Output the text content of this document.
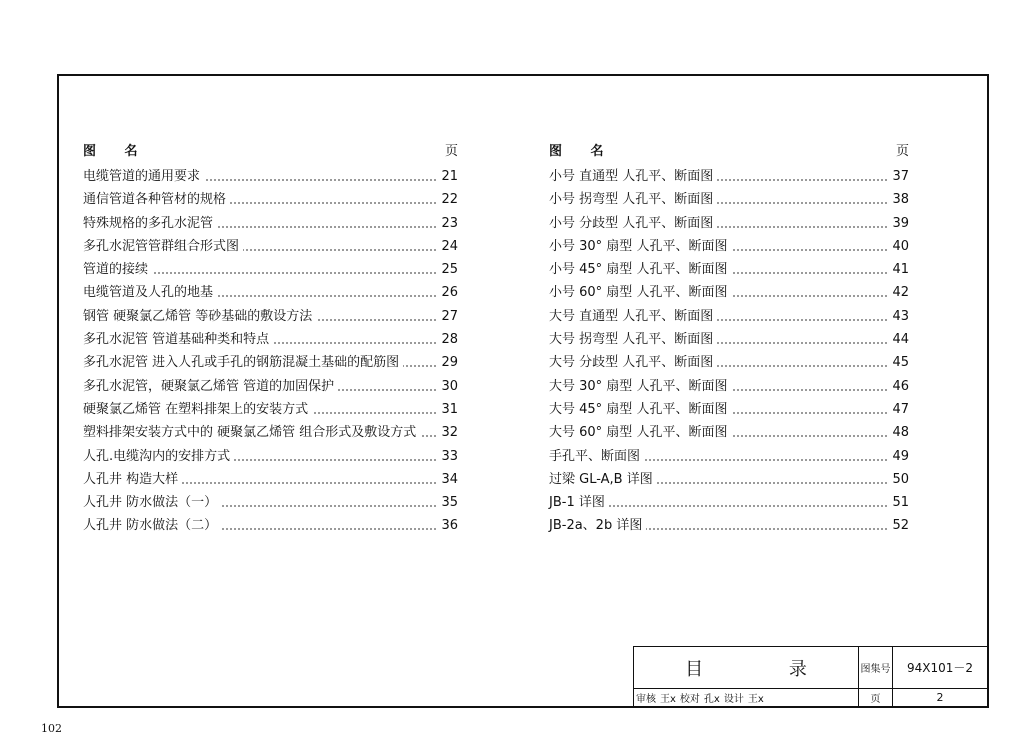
图 名	页
电缆管道的通用要求	21
通信管道各种管材的规格	22
特殊规格的多孔水泥管	23
多孔水泥管管群组合形式图	24
管道的接续	25
电缆管道及人孔的地基	26
钢管 硬聚氯乙烯管 等砂基础的敷设方法	27
多孔水泥管 管道基础种类和特点	28
多孔水泥管 进入人孔或手孔的钢筋混凝土基础的配筋图	29
多孔水泥管，硬聚氯乙烯管 管道的加固保护	30
硬聚氯乙烯管 在塑料排架上的安装方式	31
塑料排架安装方式中的 硬聚氯乙烯管 组合形式及敷设方式	32
人孔.电缆沟内的安排方式	33
人孔井 构造大样	34
人孔井 防水做法（一）	35
人孔井 防水做法（二）	36
图 名	页
小号 直通型 人孔平、断面图	37
小号 拐弯型 人孔平、断面图	38
小号 分歧型 人孔平、断面图	39
小号 30° 扇型 人孔平、断面图	40
小号 45° 扇型 人孔平、断面图	41
小号 60° 扇型 人孔平、断面图	42
大号 直通型 人孔平、断面图	43
大号 拐弯型 人孔平、断面图	44
大号 分歧型 人孔平、断面图	45
大号 30° 扇型 人孔平、断面图	46
大号 45° 扇型 人孔平、断面图	47
大号 60° 扇型 人孔平、断面图	48
手孔平、断面图	49
过梁 GL-A,B 详图	50
JB-1 详图	51
JB-2a、2b 详图	52
目 录	图集号	94X101－2
审核 王x 校对 孔x 设计 王x	页	2
102
